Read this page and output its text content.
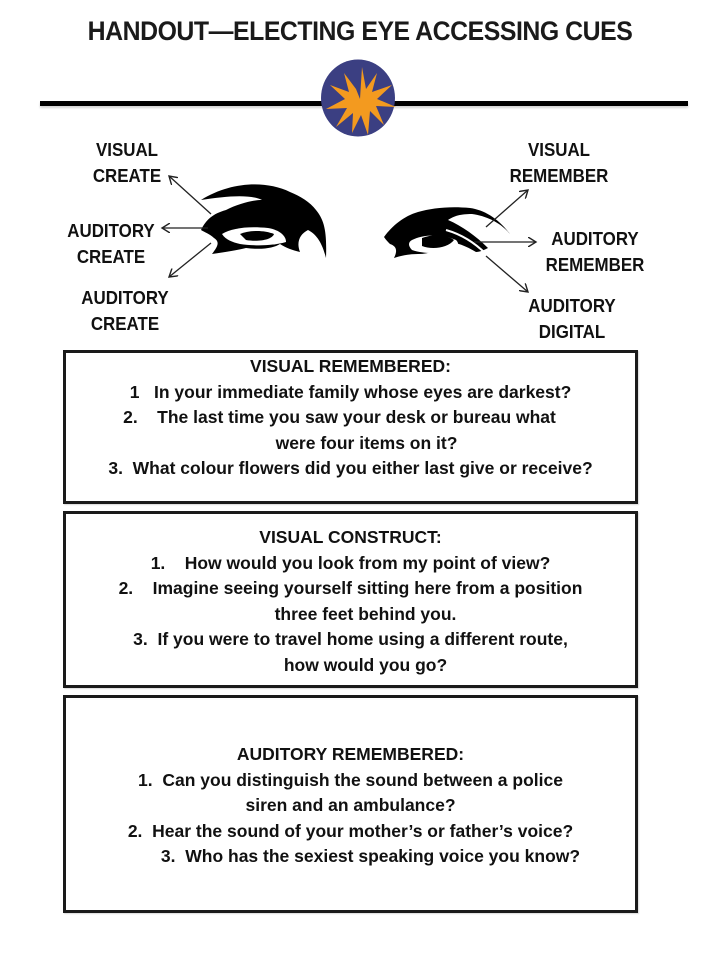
HANDOUT—ELECTING EYE ACCESSING CUES
VISUAL
CREATE
AUDITORY
CREATE
AUDITORY
CREATE
VISUAL
REMEMBER
AUDITORY
REMEMBER
AUDITORY
DIGITAL
VISUAL REMEMBERED:
1   In your immediate family whose eyes are darkest?
2.    The last time you saw your desk or bureau what
were four items on it?
3.  What colour flowers did you either last give or receive?
VISUAL CONSTRUCT:
1.    How would you look from my point of view?
2.    Imagine seeing yourself sitting here from a position
three feet behind you.
3.  If you were to travel home using a different route,
how would you go?
AUDITORY REMEMBERED:
1.  Can you distinguish the sound between a police
siren and an ambulance?
2.  Hear the sound of your mother’s or father’s voice?
3.  Who has the sexiest speaking voice you know?
